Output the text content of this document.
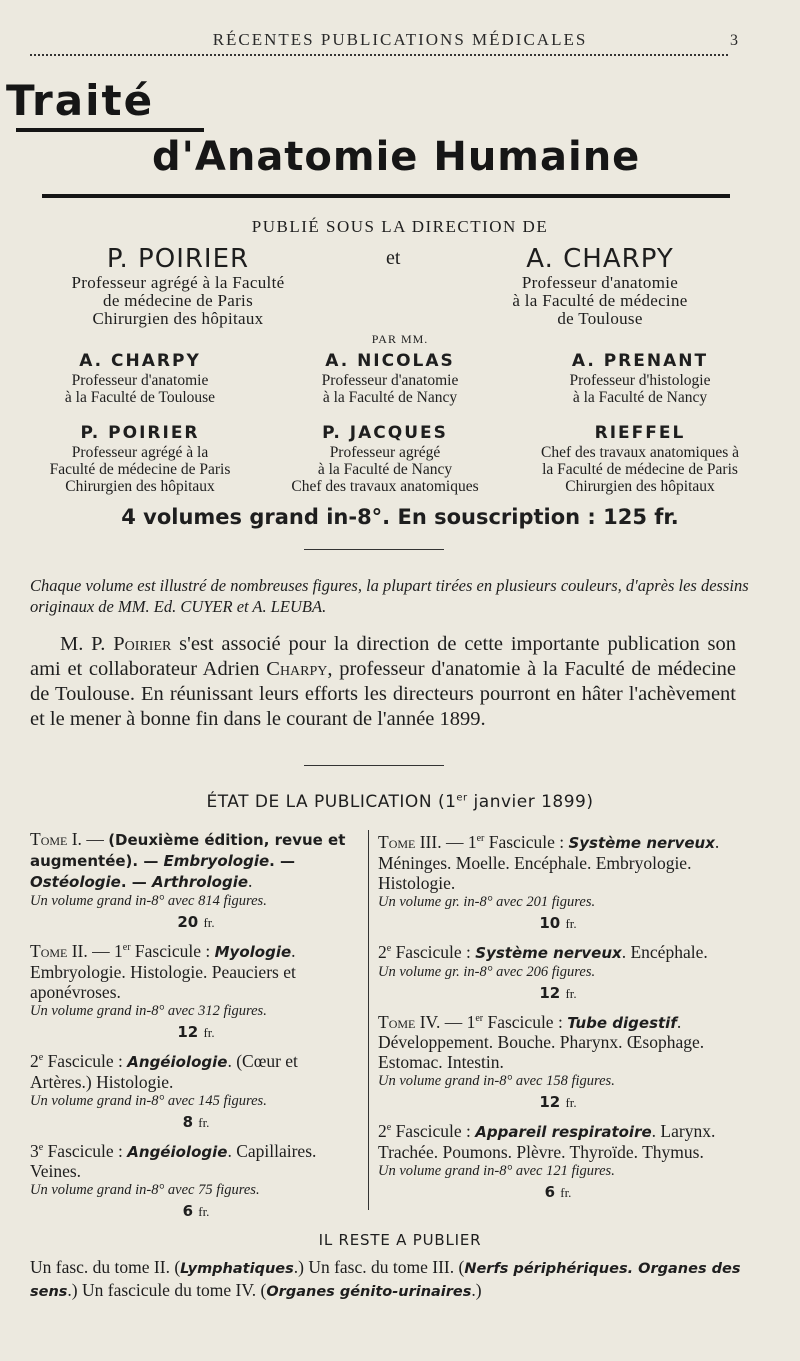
RÉCENTES PUBLICATIONS MÉDICALES	3
Traité
d'Anatomie Humaine
PUBLIÉ SOUS LA DIRECTION DE
P. POIRIER
Professeur agrégé à la Faculté
de médecine de Paris
Chirurgien des hôpitaux
et	A. CHARPY
Professeur d'anatomie
à la Faculté de médecine
de Toulouse
PAR MM.
A. CHARPY
Professeur d'anatomie
à la Faculté de Toulouse
A. NICOLAS
Professeur d'anatomie
à la Faculté de Nancy
A. PRENANT
Professeur d'histologie
à la Faculté de Nancy
P. POIRIER
Professeur agrégé à la
Faculté de médecine de Paris
Chirurgien des hôpitaux
P. JACQUES
Professeur agrégé
à la Faculté de Nancy
Chef des travaux anatomiques
RIEFFEL
Chef des travaux anatomiques à
la Faculté de médecine de Paris
Chirurgien des hôpitaux
4 volumes grand in-8°. En souscription : 125 fr.
Chaque volume est illustré de nombreuses figures, la plupart tirées en plusieurs couleurs, d'après les dessins originaux de MM. Ed. CUYER et A. LEUBA.
M. P. Poirier s'est associé pour la direction de cette importante publication son ami et collaborateur Adrien Charpy, professeur d'anatomie à la Faculté de médecine de Toulouse. En réunissant leurs efforts les directeurs pourront en hâter l'achèvement et le mener à bonne fin dans le courant de l'année 1899.
ÉTAT DE LA PUBLICATION (1er janvier 1899)

Tome I. — (Deuxième édition, revue et augmentée). — Embryologie. — Ostéologie. — Arthrologie.

Un volume grand in-8° avec 814 figures.

20 fr.

Tome II. — 1er Fascicule : Myologie. Embryologie. Histologie. Peauciers et aponévroses.

Un volume grand in-8° avec 312 figures.

12 fr.

2e Fascicule : Angéiologie. (Cœur et Artères.) Histologie.

Un volume grand in-8° avec 145 figures.

8 fr.

3e Fascicule : Angéiologie. Capillaires. Veines.

Un volume grand in-8° avec 75 figures.

6 fr.

Tome III. — 1er Fascicule : Système nerveux. Méninges. Moelle. Encéphale. Embryologie. Histologie.

Un volume gr. in-8° avec 201 figures.

10 fr.

2e Fascicule : Système nerveux. Encéphale.

Un volume gr. in-8° avec 206 figures.

12 fr.

Tome IV. — 1er Fascicule : Tube digestif. Développement. Bouche. Pharynx. Œsophage. Estomac. Intestin.

Un volume grand in-8° avec 158 figures.

12 fr.

2e Fascicule : Appareil respiratoire. Larynx. Trachée. Poumons. Plèvre. Thyroïde. Thymus.

Un volume grand in-8° avec 121 figures.

6 fr.

IL RESTE A PUBLIER
Un fasc. du tome II. (Lymphatiques.) Un fasc. du tome III. (Nerfs périphériques. Organes des sens.) Un fascicule du tome IV. (Organes génito-urinaires.)
